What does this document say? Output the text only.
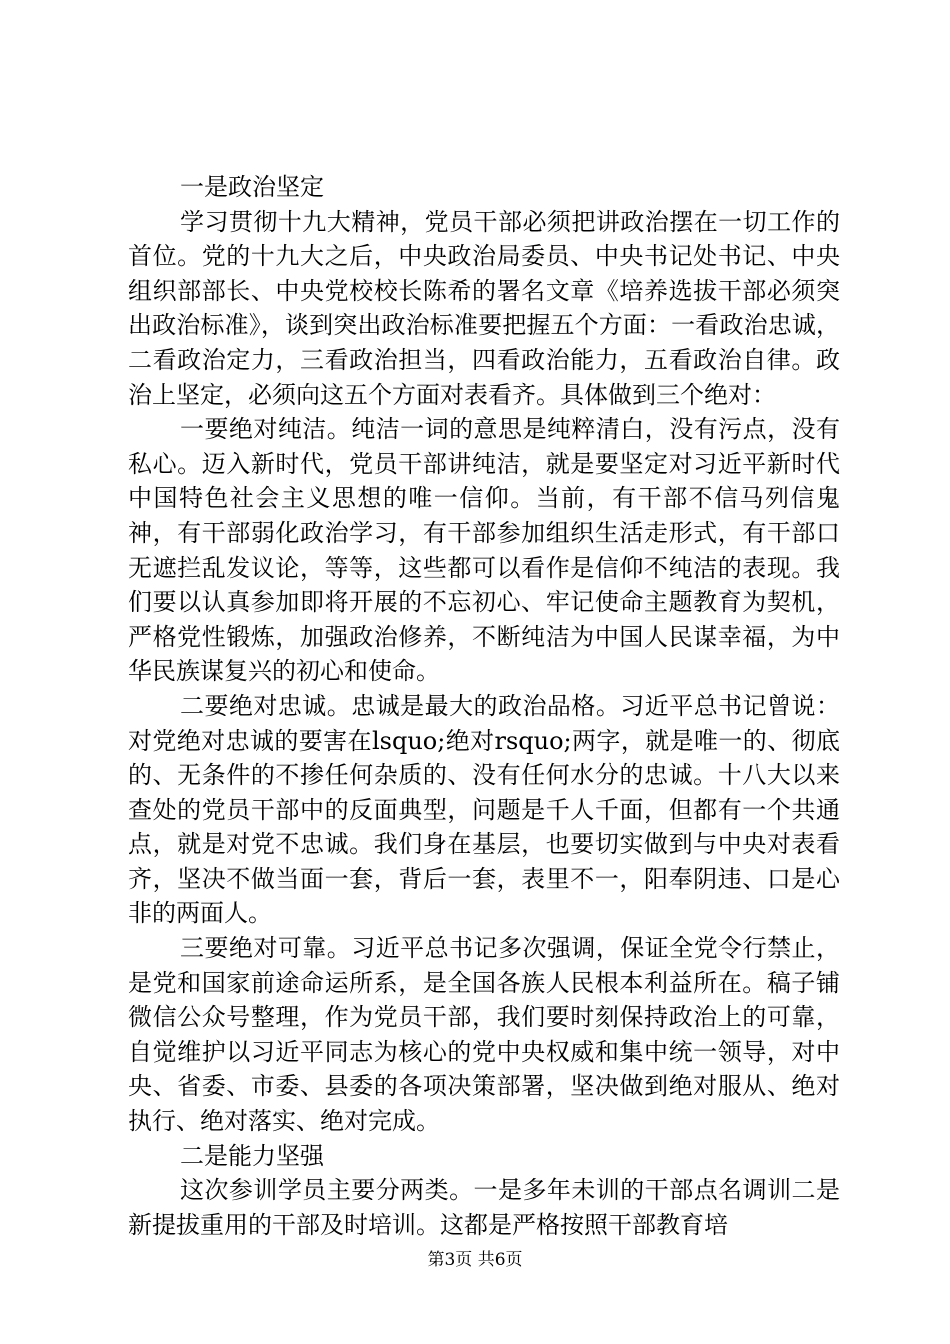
一是政治坚定

学习贯彻十九大精神，党员干部必须把讲政治摆在一切工作的首位。党的十九大之后，中央政治局委员、中央书记处书记、中央组织部部长、中央党校校长陈希的署名文章《培养选拔干部必须突出政治标准》，谈到突出政治标准要把握五个方面：一看政治忠诚，二看政治定力，三看政治担当，四看政治能力，五看政治自律。政治上坚定，必须向这五个方面对表看齐。具体做到三个绝对：

一要绝对纯洁。纯洁一词的意思是纯粹清白，没有污点，没有私心。迈入新时代，党员干部讲纯洁，就是要坚定对习近平新时代中国特色社会主义思想的唯一信仰。当前，有干部不信马列信鬼神，有干部弱化政治学习，有干部参加组织生活走形式，有干部口无遮拦乱发议论，等等，这些都可以看作是信仰不纯洁的表现。我们要以认真参加即将开展的不忘初心、牢记使命主题教育为契机，严格党性锻炼，加强政治修养，不断纯洁为中国人民谋幸福，为中华民族谋复兴的初心和使命。

二要绝对忠诚。忠诚是最大的政治品格。习近平总书记曾说：对党绝对忠诚的要害在lsquo;绝对rsquo;两字，就是唯一的、彻底的、无条件的不掺任何杂质的、没有任何水分的忠诚。十八大以来查处的党员干部中的反面典型，问题是千人千面，但都有一个共通点，就是对党不忠诚。我们身在基层，也要切实做到与中央对表看齐，坚决不做当面一套，背后一套，表里不一，阳奉阴违、口是心非的两面人。

三要绝对可靠。习近平总书记多次强调，保证全党令行禁止，是党和国家前途命运所系，是全国各族人民根本利益所在。稿子铺微信公众号整理，作为党员干部，我们要时刻保持政治上的可靠，自觉维护以习近平同志为核心的党中央权威和集中统一领导，对中央、省委、市委、县委的各项决策部署，坚决做到绝对服从、绝对执行、绝对落实、绝对完成。

二是能力坚强

这次参训学员主要分两类。一是多年未训的干部点名调训二是新提拔重用的干部及时培训。这都是严格按照干部教育培

第3页 共6页
